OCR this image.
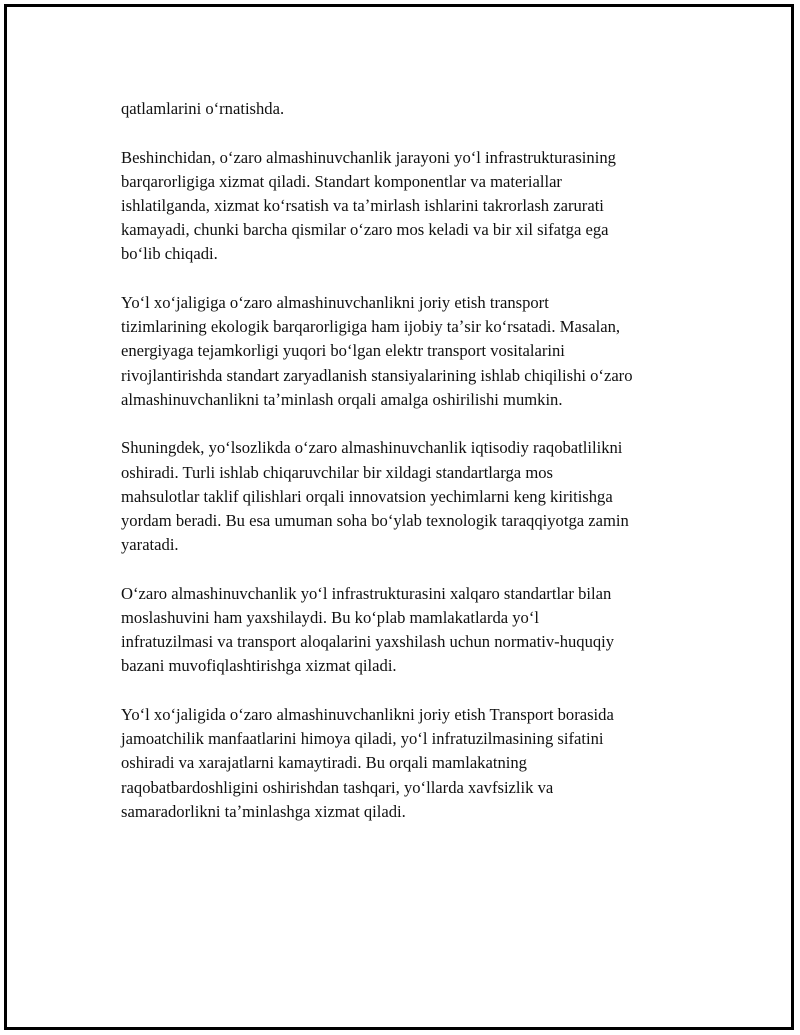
qatlamlarini oʻrnatishda.

Beshinchidan, oʻzaro almashinuvchanlik jarayoni yoʻl infrastrukturasining
barqarorligiga xizmat qiladi. Standart komponentlar va materiallar
ishlatilganda, xizmat koʻrsatish va taʼmirlash ishlarini takrorlash zarurati
kamayadi, chunki barcha qismilar oʻzaro mos keladi va bir xil sifatga ega
boʻlib chiqadi.

Yoʻl xoʻjaligiga oʻzaro almashinuvchanlikni joriy etish transport
tizimlarining ekologik barqarorligiga ham ijobiy taʼsir koʻrsatadi. Masalan,
energiyaga tejamkorligi yuqori boʻlgan elektr transport vositalarini
rivojlantirishda standart zaryadlanish stansiyalarining ishlab chiqilishi oʻzaro
almashinuvchanlikni taʼminlash orqali amalga oshirilishi mumkin.

Shuningdek, yoʻlsozlikda oʻzaro almashinuvchanlik iqtisodiy raqobatlilikni
oshiradi. Turli ishlab chiqaruvchilar bir xildagi standartlarga mos
mahsulotlar taklif qilishlari orqali innovatsion yechimlarni keng kiritishga
yordam beradi. Bu esa umuman soha boʻylab texnologik taraqqiyotga zamin
yaratadi.

Oʻzaro almashinuvchanlik yoʻl infrastrukturasini xalqaro standartlar bilan
moslashuvini ham yaxshilaydi. Bu koʻplab mamlakatlarda yoʻl
infratuzilmasi va transport aloqalarini yaxshilash uchun normativ-huquqiy
bazani muvofiqlashtirishga xizmat qiladi.

Yoʻl xoʻjaligida oʻzaro almashinuvchanlikni joriy etish Transport borasida
jamoatchilik manfaatlarini himoya qiladi, yoʻl infratuzilmasining sifatini
oshiradi va xarajatlarni kamaytiradi. Bu orqali mamlakatning
raqobatbardoshligini oshirishdan tashqari, yoʻllarda xavfsizlik va
samaradorlikni taʼminlashga xizmat qiladi.
